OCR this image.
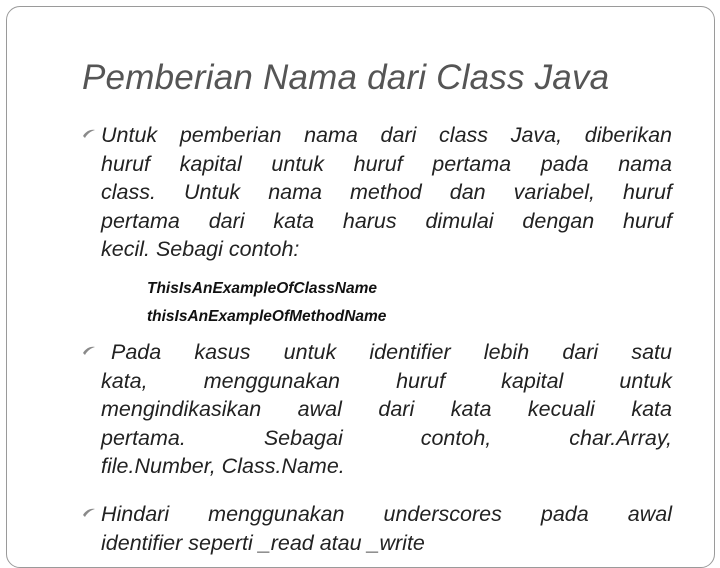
Pemberian Nama dari Class Java
Untuk pemberian nama dari class Java, diberikan
huruf kapital untuk huruf pertama pada nama
class. Untuk nama method dan variabel, huruf
pertama dari kata harus dimulai dengan huruf
kecil. Sebagi contoh:
ThisIsAnExampleOfClassName
thisIsAnExampleOfMethodName
Pada kasus untuk identifier lebih dari satu
kata, menggunakan huruf kapital untuk
mengindikasikan awal dari kata kecuali kata
pertama. Sebagai contoh, char.Array,
file.Number, Class.Name.
Hindari menggunakan underscores pada awal
identifier seperti _read atau _write
